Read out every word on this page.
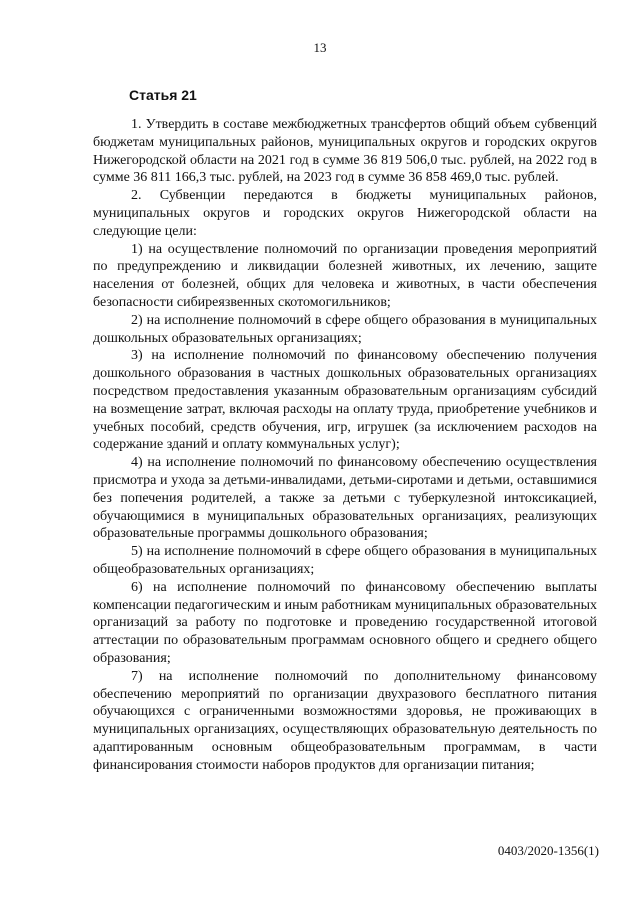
13
Статья 21

1. Утвердить в составе межбюджетных трансфертов общий объем субвенций бюджетам муниципальных районов, муниципальных округов и городских округов Нижегородской области на 2021 год в сумме 36 819 506,0 тыс. рублей, на 2022 год в сумме 36 811 166,3 тыс. рублей, на 2023 год в сумме 36 858 469,0 тыс. рублей.

2. Субвенции передаются в бюджеты муниципальных районов, муниципальных округов и городских округов Нижегородской области на следующие цели:

1) на осуществление полномочий по организации проведения мероприятий по предупреждению и ликвидации болезней животных, их лечению, защите населения от болезней, общих для человека и животных, в части обеспечения безопасности сибиреязвенных скотомогильников;

2) на исполнение полномочий в сфере общего образования в муниципальных дошкольных образовательных организациях;

3) на исполнение полномочий по финансовому обеспечению получения дошкольного образования в частных дошкольных образовательных организациях посредством предоставления указанным образовательным организациям субсидий на возмещение затрат, включая расходы на оплату труда, приобретение учебников и учебных пособий, средств обучения, игр, игрушек (за исключением расходов на содержание зданий и оплату коммунальных услуг);

4) на исполнение полномочий по финансовому обеспечению осуществления присмотра и ухода за детьми-инвалидами, детьми-сиротами и детьми, оставшимися без попечения родителей, а также за детьми с туберкулезной интоксикацией, обучающимися в муниципальных образовательных организациях, реализующих образовательные программы дошкольного образования;

5) на исполнение полномочий в сфере общего образования в муниципальных общеобразовательных организациях;

6) на исполнение полномочий по финансовому обеспечению выплаты компенсации педагогическим и иным работникам муниципальных образовательных организаций за работу по подготовке и проведению государственной итоговой аттестации по образовательным программам основного общего и среднего общего образования;

7) на исполнение полномочий по дополнительному финансовому обеспечению мероприятий по организации двухразового бесплатного питания обучающихся с ограниченными возможностями здоровья, не проживающих в муниципальных организациях, осуществляющих образовательную деятельность по адаптированным основным общеобразовательным программам, в части финансирования стоимости наборов продуктов для организации питания;

0403/2020-1356(1)
